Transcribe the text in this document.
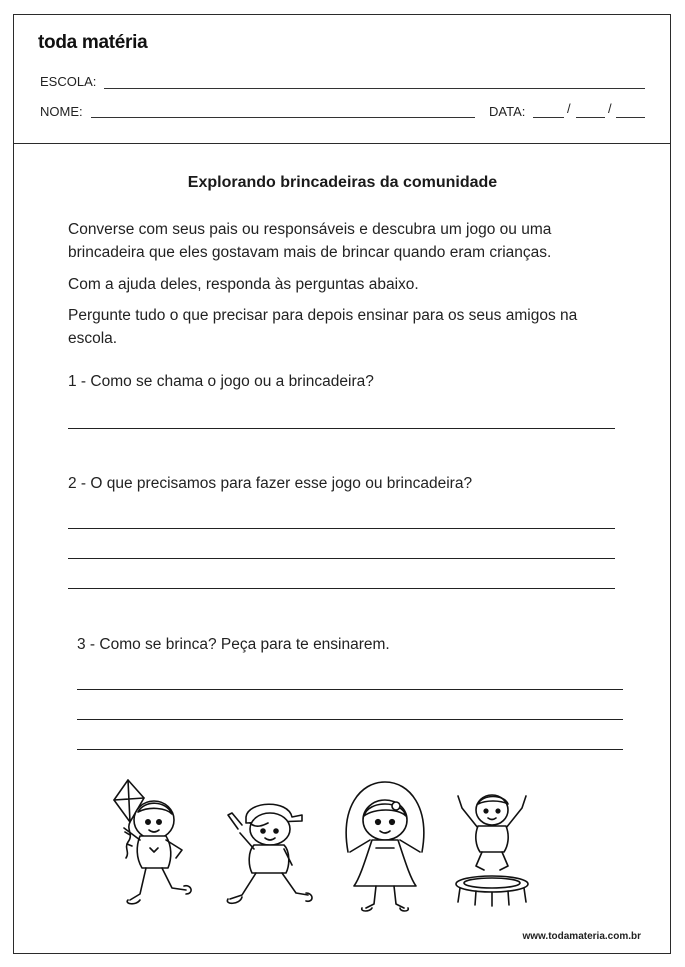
toda matéria
ESCOLA:
NOME:	DATA:	/	/
Explorando brincadeiras da comunidade
Converse com seus pais ou responsáveis e descubra um jogo ou uma brincadeira que eles gostavam mais de brincar quando eram crianças.
Com a ajuda deles, responda às perguntas abaixo.
Pergunte tudo o que precisar para depois ensinar para os seus amigos na escola.
1 - Como se chama o jogo ou a brincadeira?
2 - O que precisamos para fazer esse jogo ou brincadeira?
3 - Como se brinca? Peça para te ensinarem.
www.todamateria.com.br
